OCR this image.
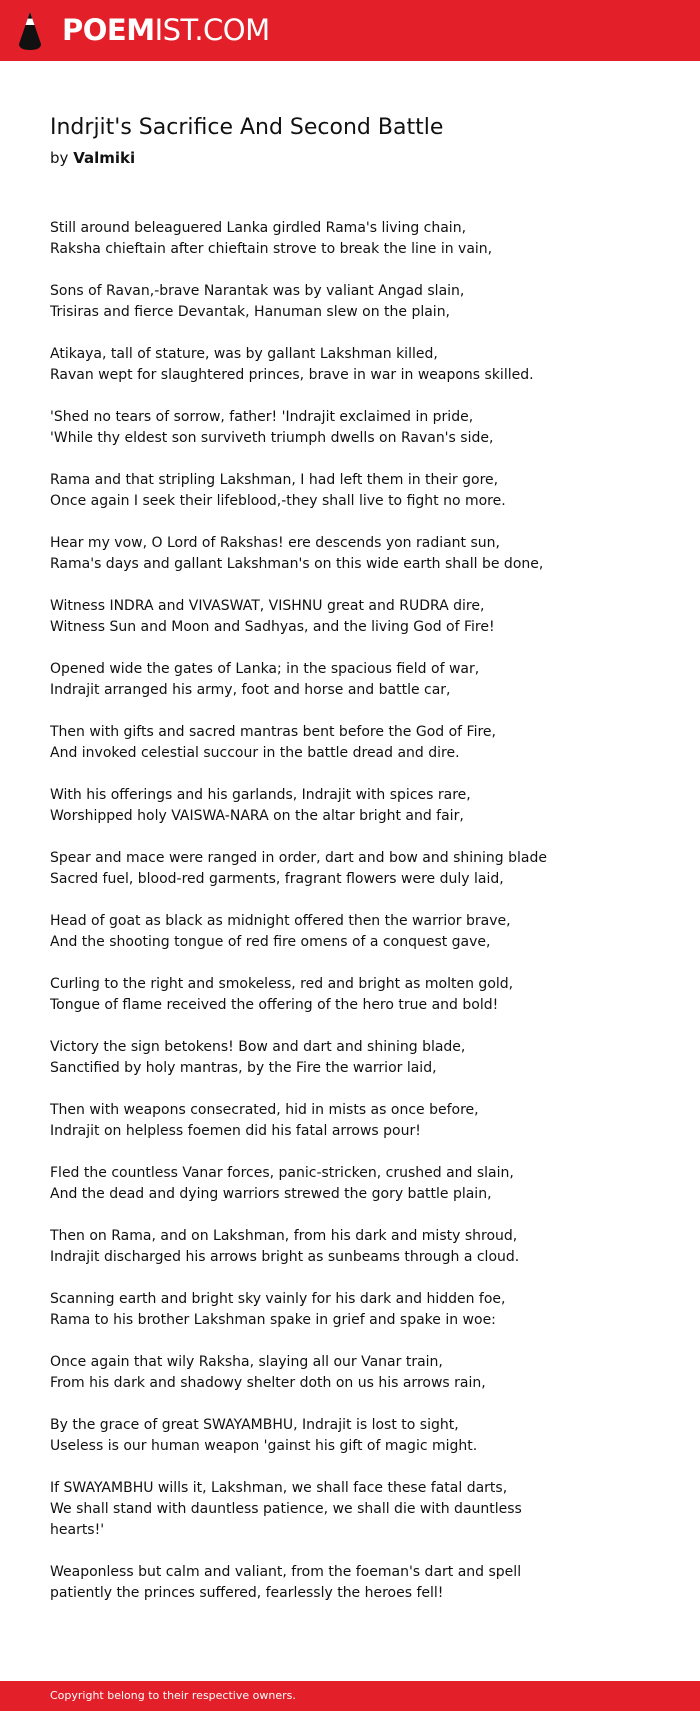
POEMIST.COM
Indrjit's Sacrifice And Second Battle
by Valmiki
Still around beleaguered Lanka girdled Rama's living chain,
Raksha chieftain after chieftain strove to break the line in vain,
Sons of Ravan,-brave Narantak was by valiant Angad slain,
Trisiras and fierce Devantak, Hanuman slew on the plain,
Atikaya, tall of stature, was by gallant Lakshman killed,
Ravan wept for slaughtered princes, brave in war in weapons skilled.
'Shed no tears of sorrow, father! 'Indrajit exclaimed in pride,
'While thy eldest son surviveth triumph dwells on Ravan's side,
Rama and that stripling Lakshman, I had left them in their gore,
Once again I seek their lifeblood,-they shall live to fight no more.
Hear my vow, O Lord of Rakshas! ere descends yon radiant sun,
Rama's days and gallant Lakshman's on this wide earth shall be done,
Witness INDRA and VIVASWAT, VISHNU great and RUDRA dire,
Witness Sun and Moon and Sadhyas, and the living God of Fire!
Opened wide the gates of Lanka; in the spacious field of war,
Indrajit arranged his army, foot and horse and battle car,
Then with gifts and sacred mantras bent before the God of Fire,
And invoked celestial succour in the battle dread and dire.
With his offerings and his garlands, Indrajit with spices rare,
Worshipped holy VAISWA-NARA on the altar bright and fair,
Spear and mace were ranged in order, dart and bow and shining blade
Sacred fuel, blood-red garments, fragrant flowers were duly laid,
Head of goat as black as midnight offered then the warrior brave,
And the shooting tongue of red fire omens of a conquest gave,
Curling to the right and smokeless, red and bright as molten gold,
Tongue of flame received the offering of the hero true and bold!
Victory the sign betokens! Bow and dart and shining blade,
Sanctified by holy mantras, by the Fire the warrior laid,
Then with weapons consecrated, hid in mists as once before,
Indrajit on helpless foemen did his fatal arrows pour!
Fled the countless Vanar forces, panic-stricken, crushed and slain,
And the dead and dying warriors strewed the gory battle plain,
Then on Rama, and on Lakshman, from his dark and misty shroud,
Indrajit discharged his arrows bright as sunbeams through a cloud.
Scanning earth and bright sky vainly for his dark and hidden foe,
Rama to his brother Lakshman spake in grief and spake in woe:
Once again that wily Raksha, slaying all our Vanar train,
From his dark and shadowy shelter doth on us his arrows rain,
By the grace of great SWAYAMBHU, Indrajit is lost to sight,
Useless is our human weapon 'gainst his gift of magic might.
If SWAYAMBHU wills it, Lakshman, we shall face these fatal darts,
We shall stand with dauntless patience, we shall die with dauntless
hearts!'
Weaponless but calm and valiant, from the foeman's dart and spell
patiently the princes suffered, fearlessly the heroes fell!
Copyright belong to their respective owners.
